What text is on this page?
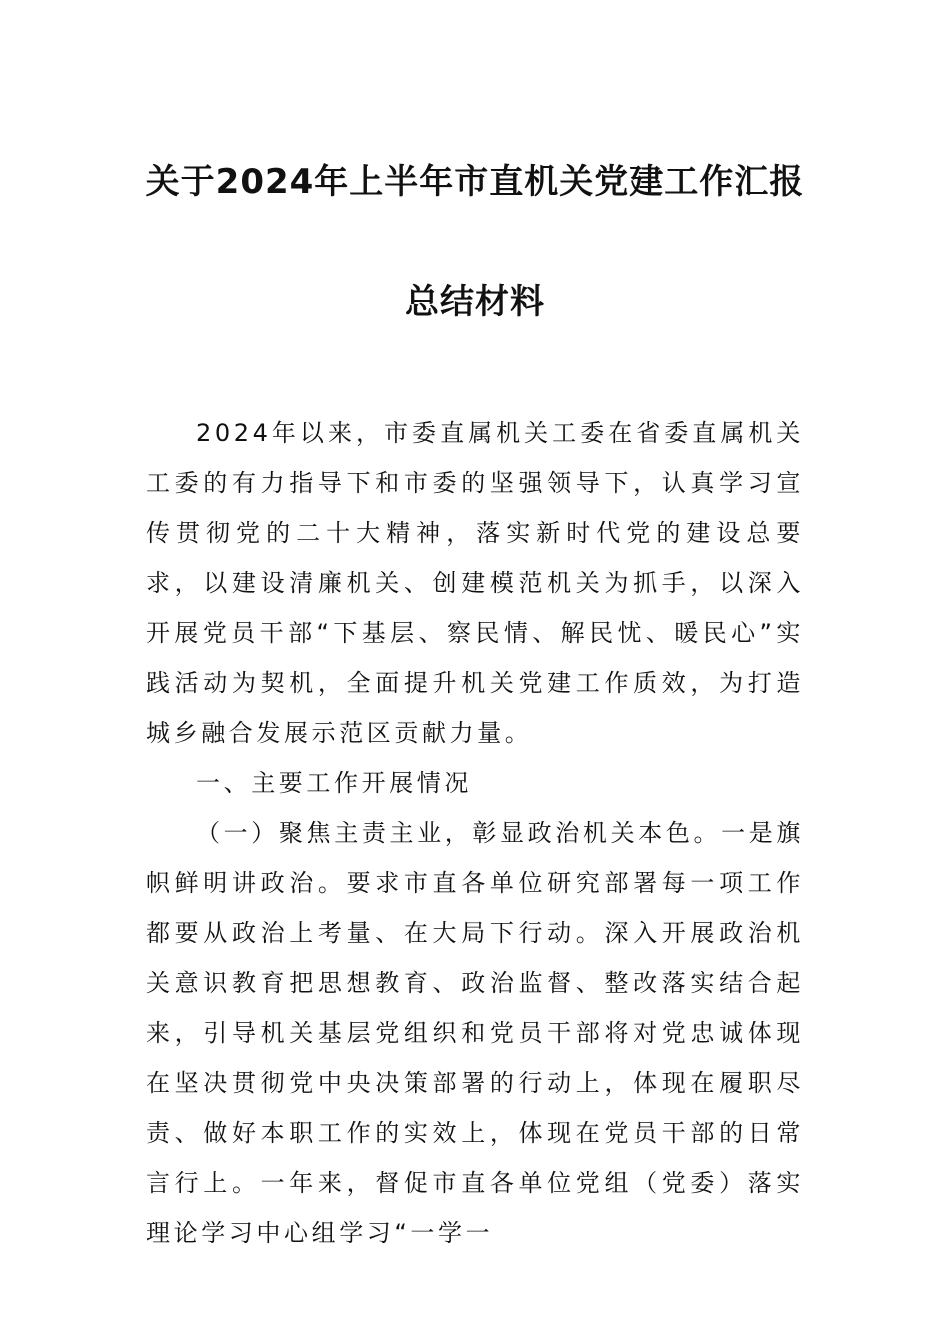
关于2024年上半年市直机关党建工作汇报
总结材料

2024年以来，市委直属机关工委在省委直属机关工委的有力指导下和市委的坚强领导下，认真学习宣传贯彻党的二十大精神，落实新时代党的建设总要求，以建设清廉机关、创建模范机关为抓手，以深入开展党员干部“下基层、察民情、解民忧、暖民心”实践活动为契机，全面提升机关党建工作质效，为打造城乡融合发展示范区贡献力量。

一、主要工作开展情况

（一）聚焦主责主业，彰显政治机关本色。一是旗帜鲜明讲政治。要求市直各单位研究部署每一项工作都要从政治上考量、在大局下行动。深入开展政治机关意识教育把思想教育、政治监督、整改落实结合起来，引导机关基层党组织和党员干部将对党忠诚体现在坚决贯彻党中央决策部署的行动上，体现在履职尽责、做好本职工作的实效上，体现在党员干部的日常言行上。一年来，督促市直各单位党组（党委）落实理论学习中心组学习“一学一
